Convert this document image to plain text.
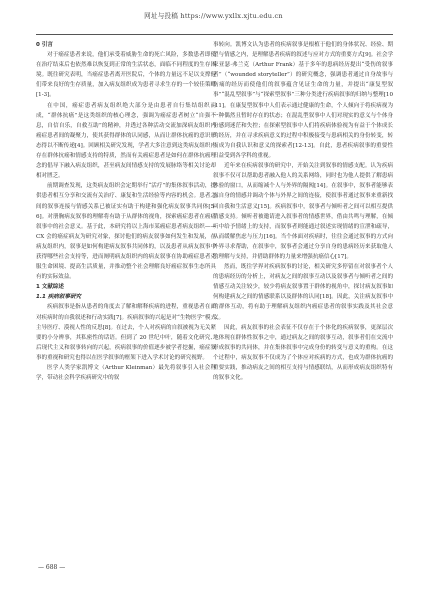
网址与投稿 https://www.yxllx.xjtu.edu.cn

0 引言

对于癌症患者来说，他们承受着威胁生命的死亡风险，多数患者即使在治疗结束后也依然难以恢复到正常的生活状态，面临不同程度的生存困境。既往研究表明，当癌症患者离开医院后，个体的力量远不足以支撑他们带来良好的生存质量，加入病友组织成为患者寻求生存的一个较佳策略[1-3]。

在中国，癌症患者病友组织绝大部分是由患者自行集结组织而成，“群体抗癌”是这类组织的核心理念，强调为癌症患者树立“自强不息，自信自乐，自救互助”的精神，并透过各种活动交流加深病友组织内癌症患者间的凝聚力，使其获得群体的认同感，从而让群体抗癌的意识形态得以不断传递[4]。回顾相关研究发现，学者大多注意到这类病友组织内存在群体抗癌和情感支持的特质，然而有关癌症患者是如何在群体抗癌理念的倡导下融入病友组织，甚至病友间情感支持的发展脉络等相关讨论却相对匮乏。

前期调查发现，这类病友组织会定期举行“活疗”的集体叙事活动，提供患者相互分享和交流有关治疗、康复和生活经验等内容的机会。患者之间的叙事连接与情感关系已被证实有助于构建和强化病友叙事共同体[5-6]。对册胸病友叙事的理解将有助于从群体的视角，探索癌症患者在癌症叙事中的社会意义。基于此，本研究将以上海市某癌症患者病友组织——CX 会的癌症病友为研究对象，探讨他们的病友叙事如何发生和发展，在病友组织内，叙事是如何构建病友叙事共同体的，以及患者从病友叙事中获得哪些社会支持等，进而阐明病友组织内的病友叙事在协助癌症患者克服生命困境、提高生活质量，并推动整个社会理解良好癌症叙事生态所具有的实际效益。

1 文献综述

1.1 疾病叙事研究

疾病叙事是指从患者的角度去了解和解释疾病的进程，重视患者在面对疾病时的自我叙述和行动实践[7]。疾病叙事的兴起是对“生物医学”模式主导医疗、漠视人性的反思[8]。在过去，个人对疾病的自叙被视为无关紧要的小分辨事，其私密性的话语。但到了 20 世纪中叶，随着文化研究、后现代主义和叙事转向的兴起，疾病叙事的价值逐步被学者挖掘，癌症叙事的重视和研究也得以在医学叙事的框架下进入学术讨论的研究视野。

医学人类学家凯博文（Arthur Kleinman）最先将叙事引入社会科学，带动社会科学疾病研究中的叙

事转向。凯博文认为患者的疾病叙事是根植于他们的身体状况、经验、期望与情感之内，是理解患者疾病的叙述与应对方式的重要方式[9]。社会学家亚瑟·弗兰克（Arthur Frank）基于多年的患病经历提出“受伤的叙事者”（“wounded storyteller”）的研究概念，强调患者通过自身故事与伤痛的经历而使他们的叙事蕴含见证生命的力量，并提出“康复型叙事”“混乱型叙事”与“探索型叙事”三种分类进行疾病叙事的归纳与整理[10-11]。在康复型叙事中人们表示通过健康的生命，个人倾向于将疾病视为一种偶然且暂时存在的状态；在混乱型叙事中人们对现实的意义与个体身份感到迷茫和失控；在探索型叙事中人们将疾病体验视为有益于个体成长的经历，并在寻求疾病意义的过程中积极接受与患病相关的身份转变，转而成为自我认识和意义的探索者[12-13]。自此，患者疾病叙事的重要性日益受到各学科的重视。

近年来在疾病叙事的研究中，开始关注到叙事的情感支配。认为疾病叙事不仅可以帮助患者融入他人的关系网络，同时也为他人提供了解患病体验的窗口，从而缩减个人与外界的隔阂[14]。在叙事中，叙事者能够表露自身的情感并调动个体与外界之间的连接，使叙事者通过叙事来重新找回自我和生活意义[15]。疾病叙事中，叙事者与倾听者之间可以相互提供情感支持。倾听者被邀请进入叙事者的情感世界，借由共鸣与理解，在倾听中给予情绪上的支持，而叙事者则能通过叙述实现情绪的宣泄和疏导，从而缓解焦虑与压力[16]。当个体面对疾病时，往往会通过叙事的方式向外界寻求帮助，在叙事中，叙事者会通过分享自身的患病经历来获取他人的理解与支持，并借助群体的力量来增强抗癌信心[17]。

然而，既往学界对疾病叙事的讨论，相关研究多停留在对叙事者个人的患病经历的分析上，对病友之间的叙事互动以及叙事者与倾听者之间的情感互动关注较少，较少将病友叙事置于群体的视角中，探讨病友叙事如何构建病友之间的情感联系以及群体的认同[18]。因此，关注病友叙事中的群体互动，将有助于理解病友组织内癌症患者的叙事实践及其社会意义。

因此，病友叙事的社会表征不仅存在于个体化的疾病叙事，更深层次地体现在群体性叙事之中，通过病友之间的叙事互动，叙事者们在交流中形成叙事的共同体，并在集体叙事中完成身份的转变与意义的重构。在这个过程中，病友叙事不仅成为了个体应对疾病的方式，也成为群体抗癌的重要实践，推动病友之间的相互支持与情感联结，从而形成病友组织特有的叙事文化。

— 688 —
